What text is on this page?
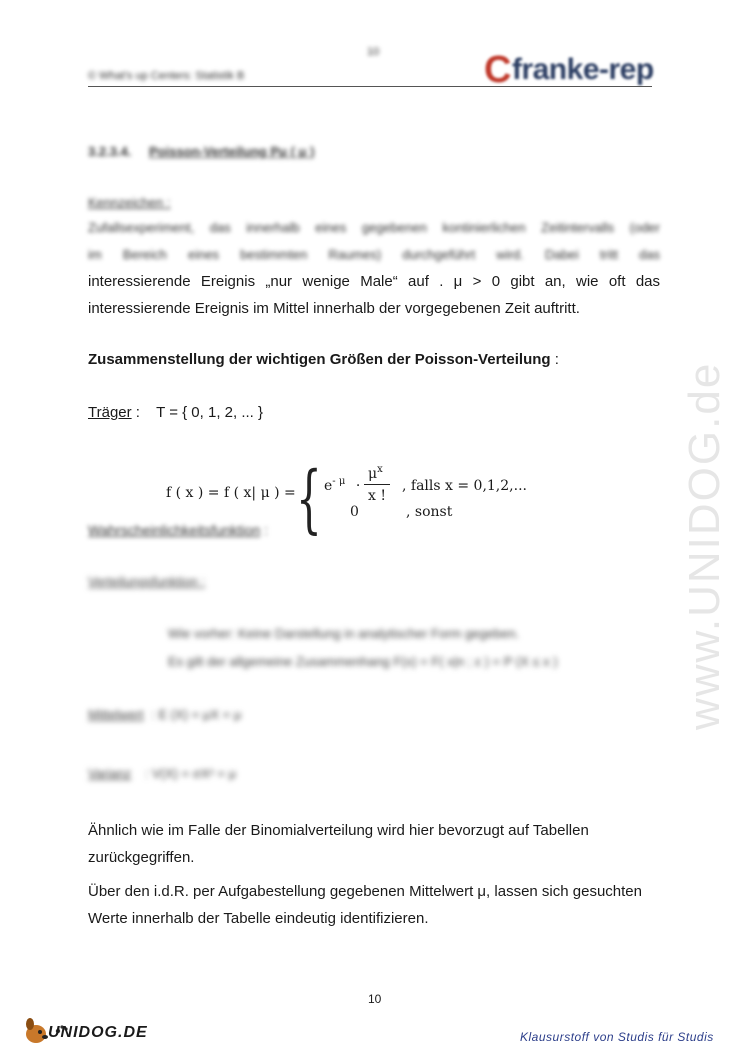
10
© What's up Centers: Statistik B	Cfranke-rep
www.UNIDOG.de
3.2.3.4. Poisson-Verteilung Pμ ( μ )
Kennzeichen :
Zufallsexperiment, das innerhalb eines gegebenen kontinierlichen Zeitintervalls (oder
im Bereich eines bestimmten Raumes) durchgeführt wird. Dabei tritt das
interessierende Ereignis „nur wenige Male“ auf . μ > 0 gibt an, wie oft das
interessierende Ereignis im Mittel innerhalb der vorgegebenen Zeit auftritt.
Zusammenstellung der wichtigen Größen der Poisson-Verteilung :
Träger : T = { 0, 1, 2, ... }
f ( x ) = f ( x| μ ) = { $e^{- \mu}$ ·
$\mu^x$
x !
, falls x = 0,1,2,...
0	, sonst
Wahrscheinlichkeitsfunktion :
Verteilungsfunktion :
Wie vorher: Keine Darstellung in analytischer Form gegeben.
Es gilt der allgemeine Zusammenhang F(x) = F( x|n ; ε ) = P (X ≤ x )
Mittelwert : E (X) = μX = μ
Varianz : V(X) = σX² = μ
Ähnlich wie im Falle der Binomialverteilung wird hier bevorzugt auf Tabellen
zurückgegriffen.
Über den i.d.R. per Aufgabestellung gegebenen Mittelwert μ, lassen sich gesuchten
Werte innerhalb der Tabelle eindeutig identifizieren.
10
UNIDOG.DE	Klausurstoff von Studis für Studis
